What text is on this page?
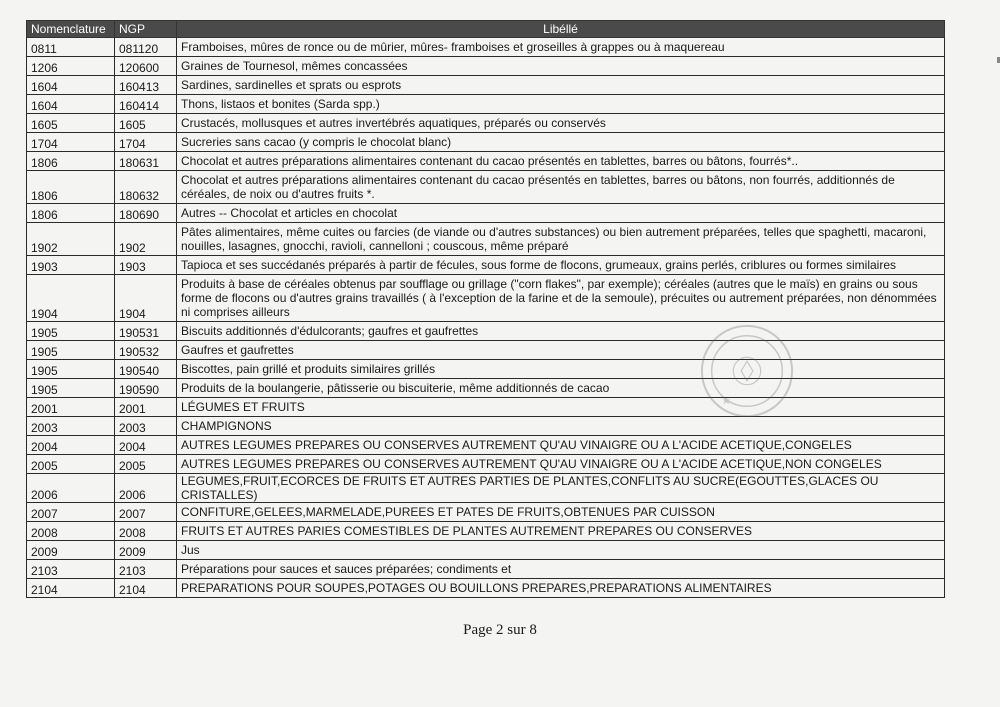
Nomenclature	NGP	Libéllé
0811	081120	Framboises, mûres de ronce ou de mûrier, mûres- framboises et groseilles à grappes ou à maquereau
1206	120600	Graines de Tournesol, mêmes concassées
1604	160413	Sardines, sardinelles et sprats ou esprots
1604	160414	Thons, listaos et bonites (Sarda spp.)
1605	1605	Crustacés, mollusques et autres invertébrés aquatiques, préparés ou conservés
1704	1704	Sucreries sans cacao (y compris le chocolat blanc)
1806	180631	Chocolat et autres préparations alimentaires contenant du cacao présentés en tablettes, barres ou bâtons, fourrés*..
1806	180632	Chocolat et autres préparations alimentaires contenant du cacao présentés en tablettes, barres ou bâtons, non fourrés, additionnés de céréales, de noix ou d'autres fruits *.
1806	180690	Autres -- Chocolat et articles en chocolat
1902	1902	Pâtes alimentaires, même cuites ou farcies (de viande ou d'autres substances) ou bien autrement préparées, telles que spaghetti, macaroni, nouilles, lasagnes, gnocchi, ravioli, cannelloni ; couscous, même préparé
1903	1903	Tapioca et ses succédanés préparés à partir de fécules, sous forme de flocons, grumeaux, grains perlés, criblures ou formes similaires
1904	1904	Produits à base de céréales obtenus par soufflage ou grillage ("corn flakes", par exemple); céréales (autres que le maïs) en grains ou sous forme de flocons ou d'autres grains travaillés ( à l'exception de la farine et de la semoule), précuites ou autrement préparées, non dénommées ni comprises ailleurs
1905	190531	Biscuits additionnés d'édulcorants; gaufres et gaufrettes
1905	190532	Gaufres et gaufrettes
1905	190540	Biscottes, pain grillé et produits similaires grillés
1905	190590	Produits de la boulangerie, pâtisserie ou biscuiterie, même additionnés de cacao
2001	2001	LÉGUMES ET FRUITS
2003	2003	CHAMPIGNONS
2004	2004	AUTRES LEGUMES PREPARES OU CONSERVES AUTREMENT QU'AU VINAIGRE OU A L'ACIDE ACETIQUE,CONGELES
2005	2005	AUTRES LEGUMES PREPARES OU CONSERVES AUTREMENT QU'AU VINAIGRE OU A L'ACIDE ACETIQUE,NON CONGELES
2006	2006	LEGUMES,FRUIT,ECORCES DE FRUITS ET AUTRES PARTIES DE PLANTES,CONFLITS AU SUCRE(EGOUTTES,GLACES OU CRISTALLES)
2007	2007	CONFITURE,GELEES,MARMELADE,PUREES ET PATES DE FRUITS,OBTENUES PAR CUISSON
2008	2008	FRUITS ET AUTRES PARIES COMESTIBLES DE PLANTES AUTREMENT PREPARES OU CONSERVES
2009	2009	Jus
2103	2103	Préparations pour sauces et sauces préparées; condiments et
2104	2104	PREPARATIONS POUR SOUPES,POTAGES OU BOUILLONS PREPARES,PREPARATIONS ALIMENTAIRES
Page 2 sur 8
